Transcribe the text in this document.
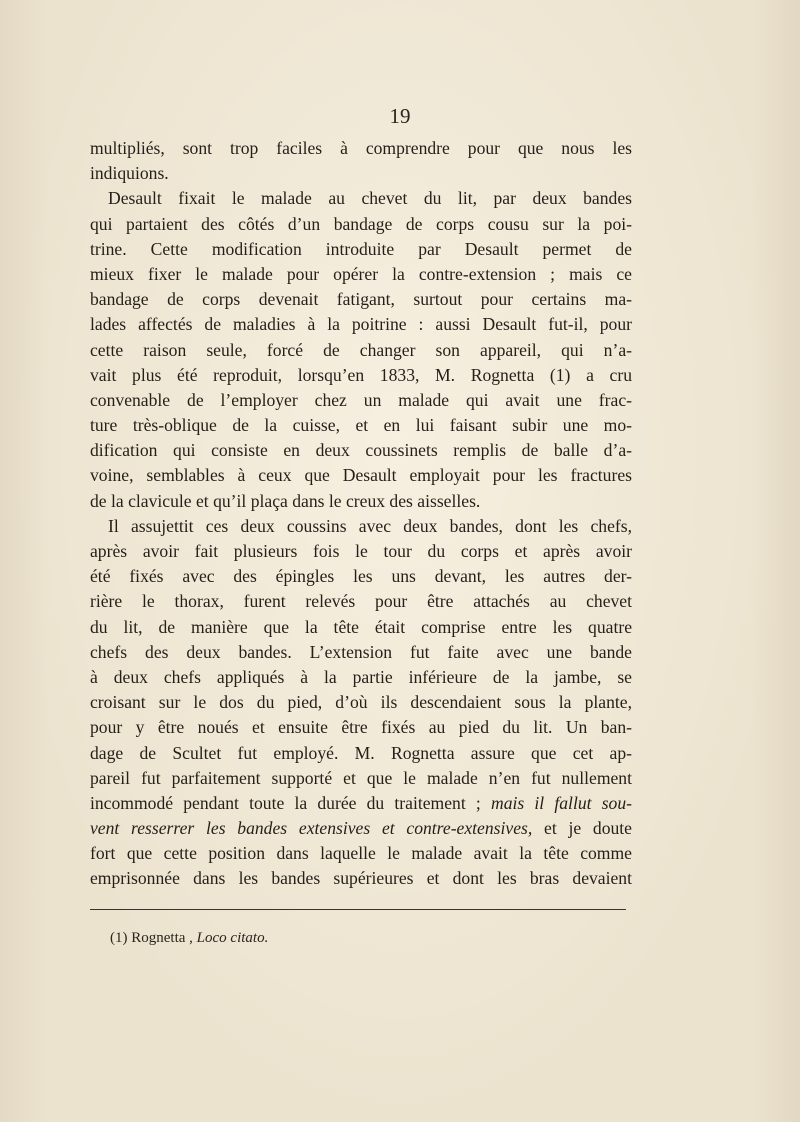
19
multipliés, sont trop faciles à comprendre pour que nous les
indiquions.
Desault fixait le malade au chevet du lit, par deux bandes
qui partaient des côtés d’un bandage de corps cousu sur la poi-
trine. Cette modification introduite par Desault permet de
mieux fixer le malade pour opérer la contre-extension ; mais ce
bandage de corps devenait fatigant, surtout pour certains ma-
lades affectés de maladies à la poitrine : aussi Desault fut-il, pour
cette raison seule, forcé de changer son appareil, qui n’a-
vait plus été reproduit, lorsqu’en 1833, M. Rognetta (1) a cru
convenable de l’employer chez un malade qui avait une frac-
ture très-oblique de la cuisse, et en lui faisant subir une mo-
dification qui consiste en deux coussinets remplis de balle d’a-
voine, semblables à ceux que Desault employait pour les fractures
de la clavicule et qu’il plaça dans le creux des aisselles.
Il assujettit ces deux coussins avec deux bandes, dont les chefs,
après avoir fait plusieurs fois le tour du corps et après avoir
été fixés avec des épingles les uns devant, les autres der-
rière le thorax, furent relevés pour être attachés au chevet
du lit, de manière que la tête était comprise entre les quatre
chefs des deux bandes. L’extension fut faite avec une bande
à deux chefs appliqués à la partie inférieure de la jambe, se
croisant sur le dos du pied, d’où ils descendaient sous la plante,
pour y être noués et ensuite être fixés au pied du lit. Un ban-
dage de Scultet fut employé. M. Rognetta assure que cet ap-
pareil fut parfaitement supporté et que le malade n’en fut nullement
incommodé pendant toute la durée du traitement ; mais il fallut sou-
vent resserrer les bandes extensives et contre-extensives, et je doute
fort que cette position dans laquelle le malade avait la tête comme
emprisonnée dans les bandes supérieures et dont les bras devaient
(1) Rognetta , Loco citato.
